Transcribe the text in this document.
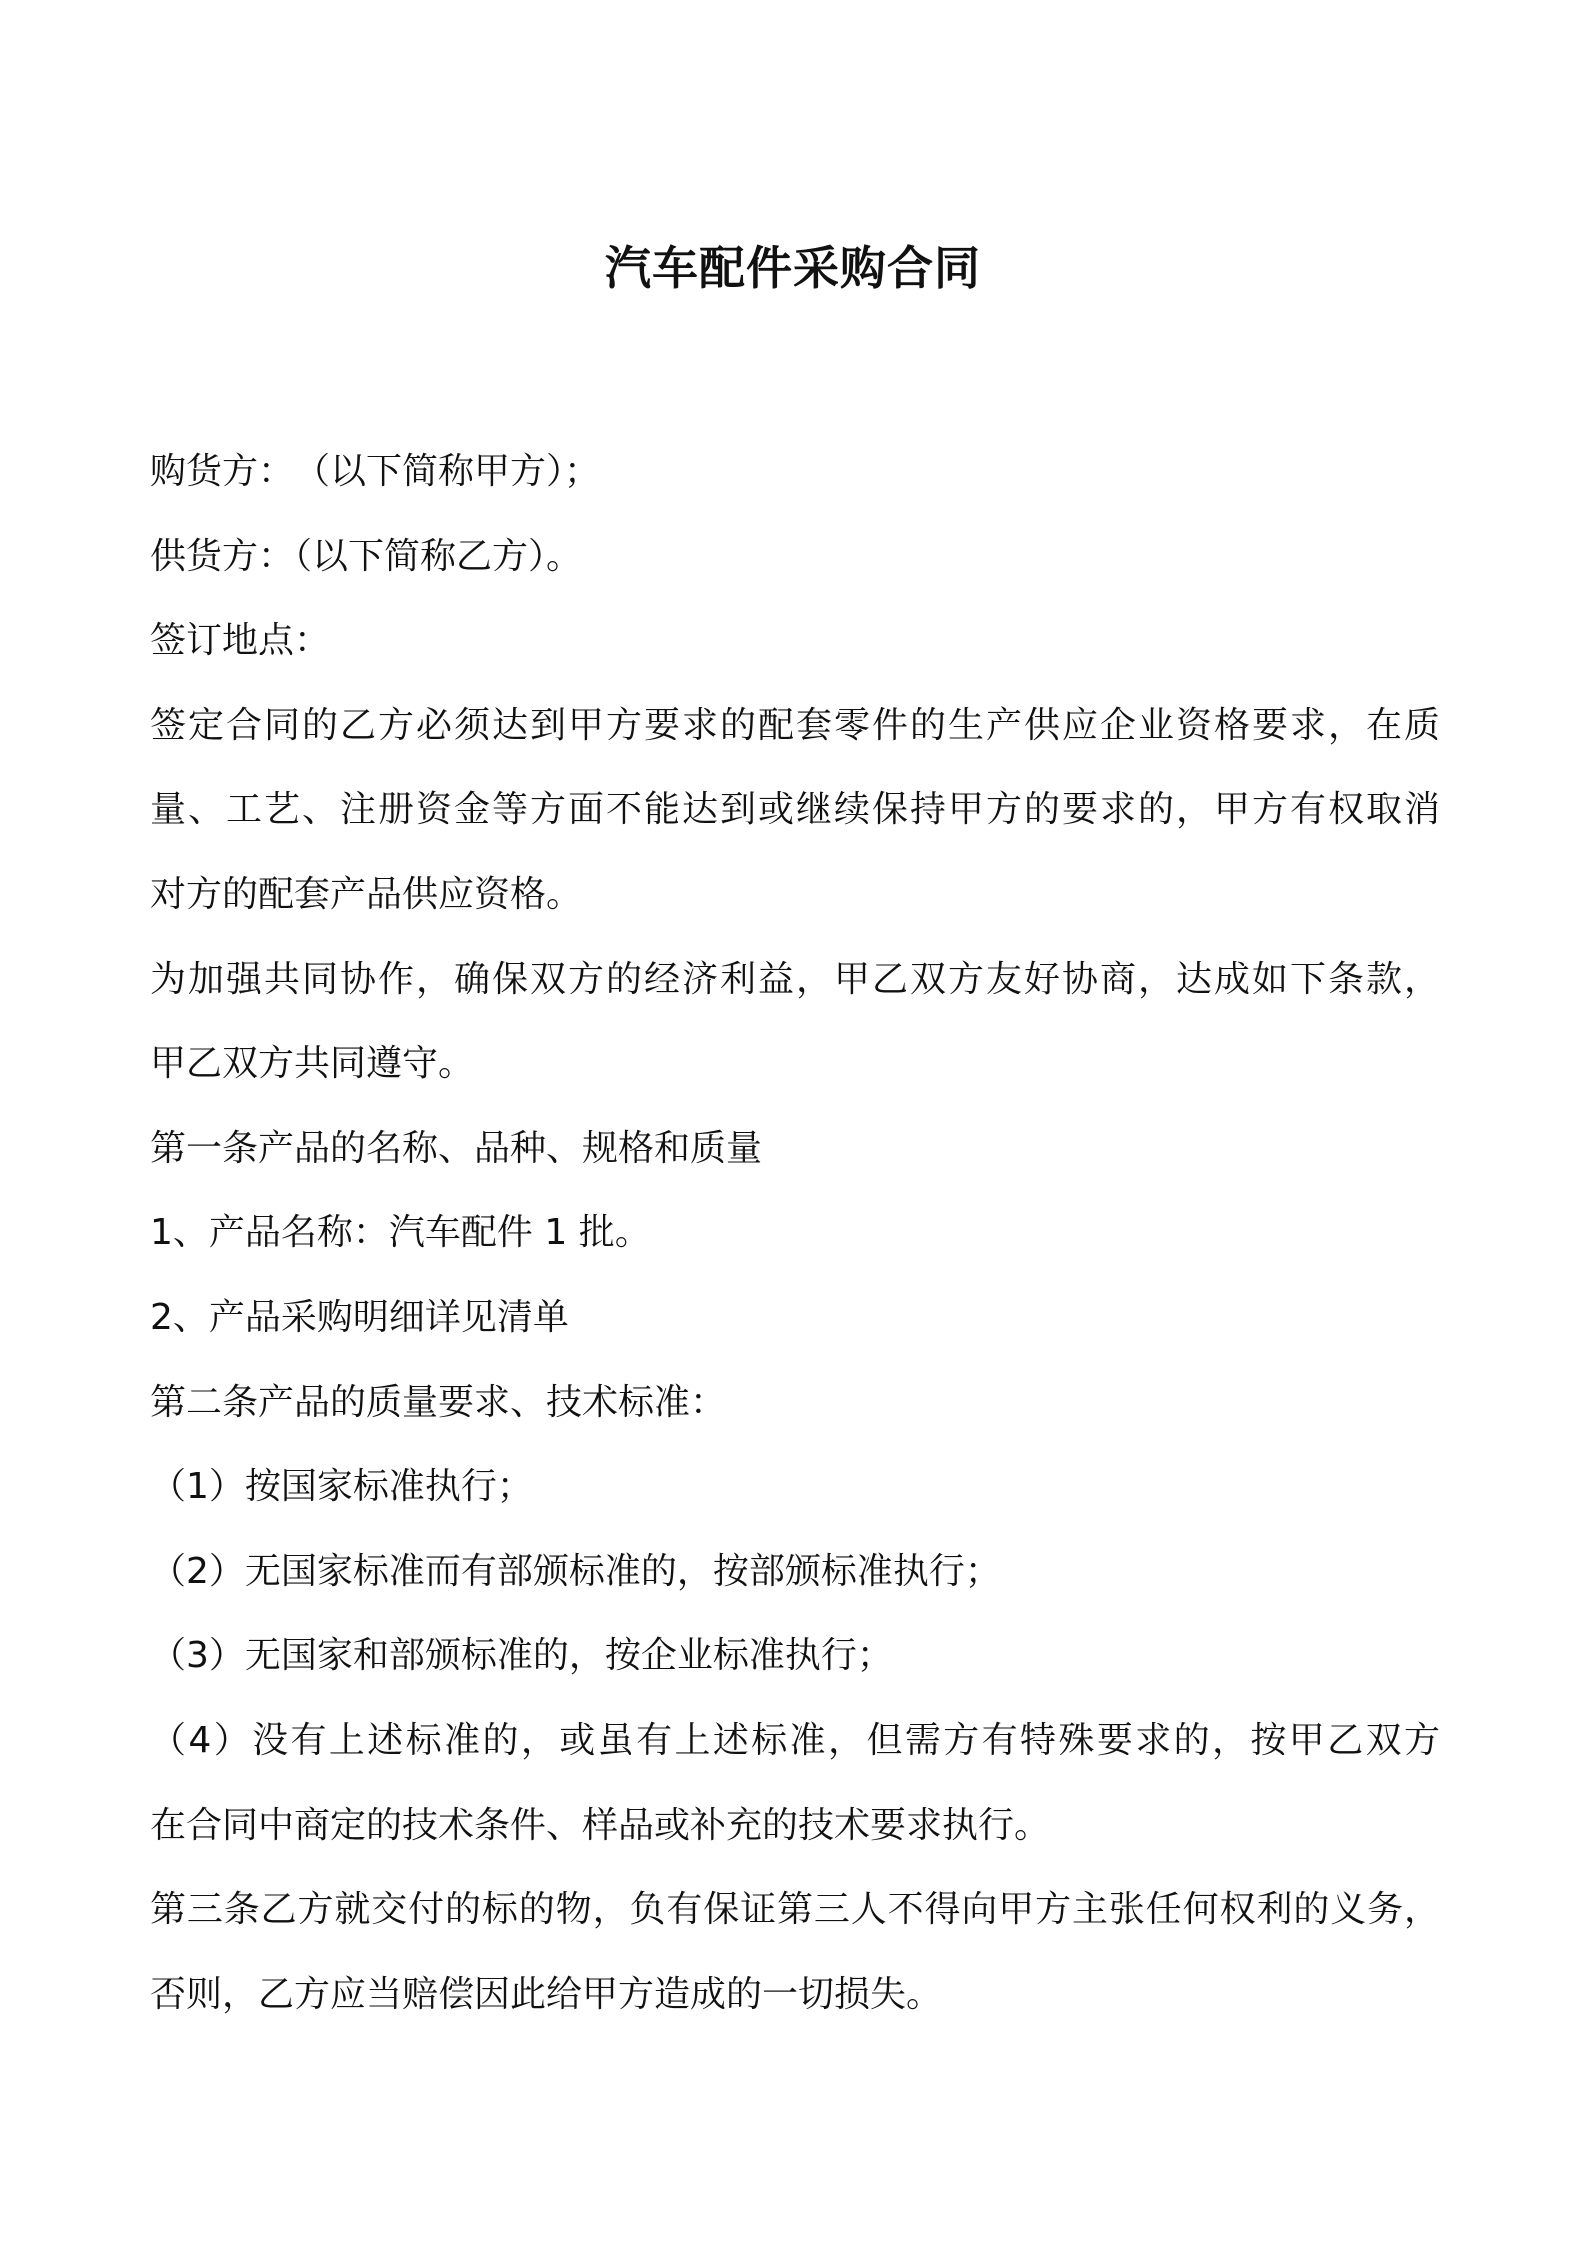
汽车配件采购合同

购货方：　（以下简称甲方）；

供货方：（以下简称乙方）。

签订地点：

签定合同的乙方必须达到甲方要求的配套零件的生产供应企业资格要求，在质

量、工艺、注册资金等方面不能达到或继续保持甲方的要求的，甲方有权取消

对方的配套产品供应资格。

为加强共同协作，确保双方的经济利益，甲乙双方友好协商，达成如下条款，

甲乙双方共同遵守。

第一条产品的名称、品种、规格和质量

1、产品名称：汽车配件 1 批。

2、产品采购明细详见清单

第二条产品的质量要求、技术标准：

（1）按国家标准执行；

（2）无国家标准而有部颁标准的，按部颁标准执行；

（3）无国家和部颁标准的，按企业标准执行；

（4）没有上述标准的，或虽有上述标准，但需方有特殊要求的，按甲乙双方

在合同中商定的技术条件、样品或补充的技术要求执行。

第三条乙方就交付的标的物，负有保证第三人不得向甲方主张任何权利的义务，

否则，乙方应当赔偿因此给甲方造成的一切损失。
